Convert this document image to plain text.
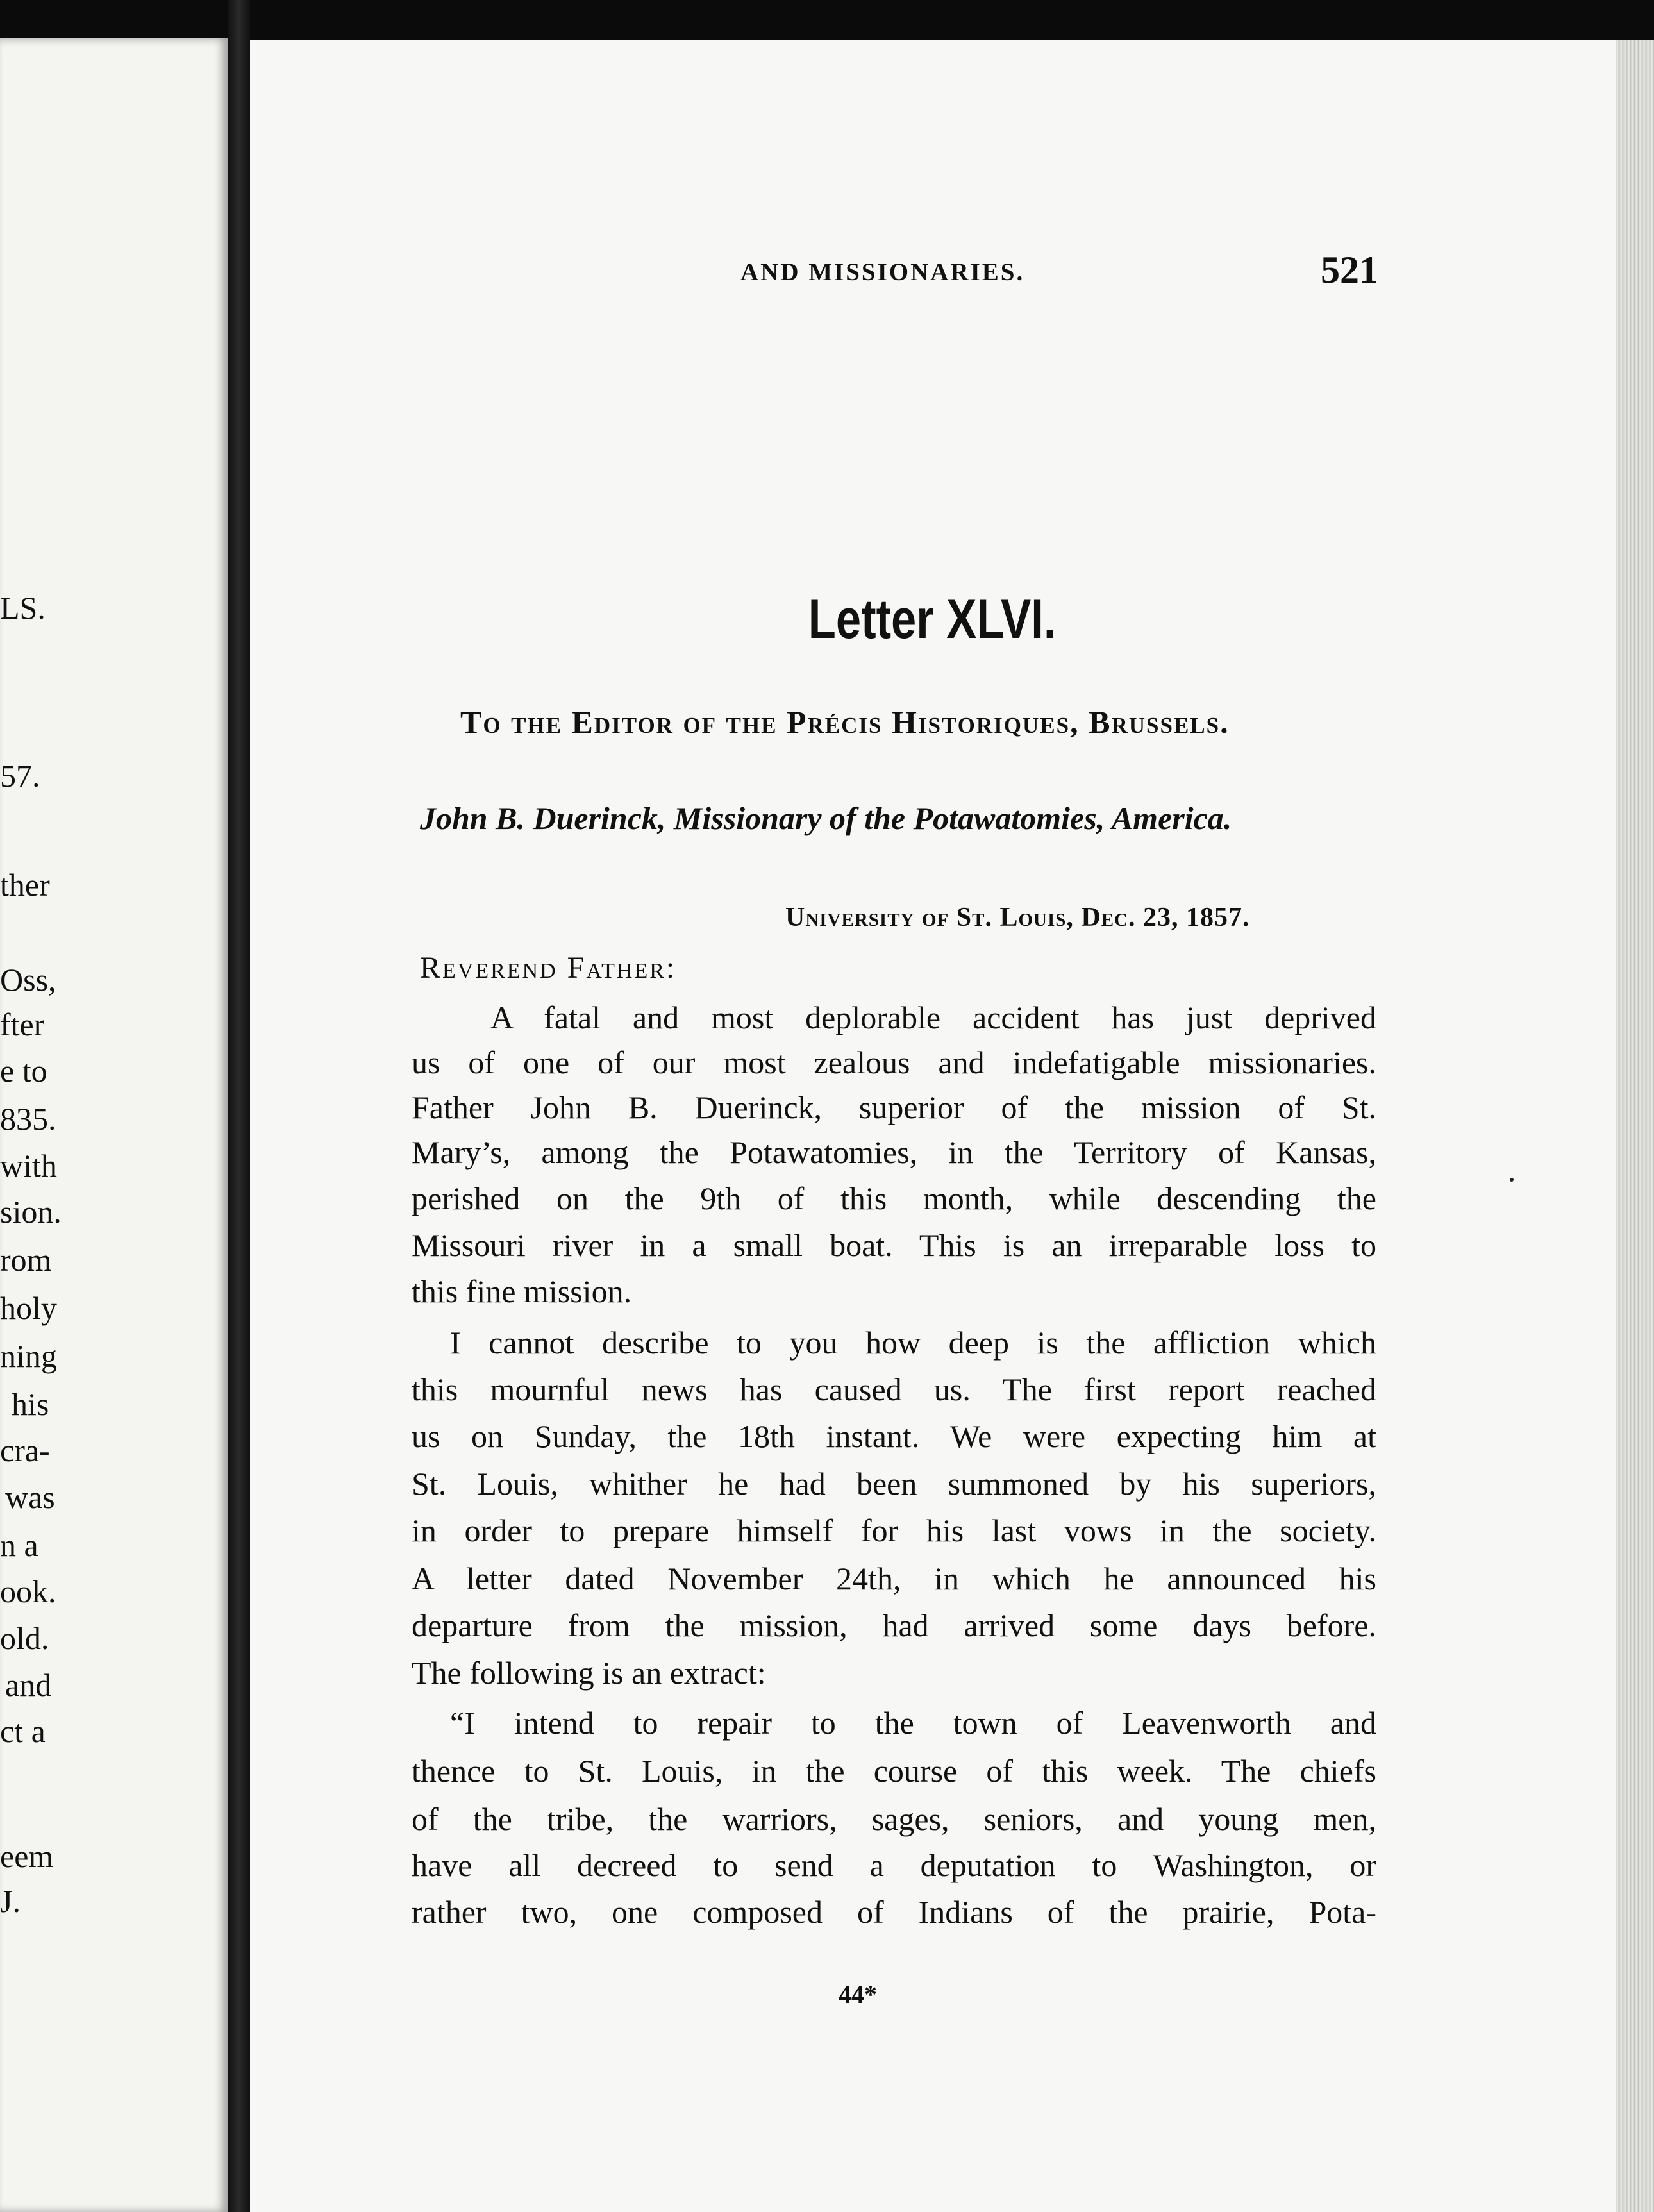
LS.
57.
ther
Oss,
fter
e to
835.
with
sion.
rom
holy
ning
his
cra-
was
n a
ook.
old.
and
ct a
eem
J.
AND MISSIONARIES.	521
Letter XLVI.
To the Editor of the Précis Historiques, Brussels.
John B. Duerinck, Missionary of the Potawatomies, America.
University of St. Louis, Dec. 23, 1857.
Reverend Father:
A fatal and most deplorable accident has just deprived
us of one of our most zealous and indefatigable missionaries.
Father John B. Duerinck, superior of the mission of St.
Mary’s, among the Potawatomies, in the Territory of Kansas,
perished on the 9th of this month, while descending the
Missouri river in a small boat. This is an irreparable loss to
this fine mission.
I cannot describe to you how deep is the affliction which
this mournful news has caused us. The first report reached
us on Sunday, the 18th instant. We were expecting him at
St. Louis, whither he had been summoned by his superiors,
in order to prepare himself for his last vows in the society.
A letter dated November 24th, in which he announced his
departure from the mission, had arrived some days before.
The following is an extract:
“I intend to repair to the town of Leavenworth and
thence to St. Louis, in the course of this week. The chiefs
of the tribe, the warriors, sages, seniors, and young men,
have all decreed to send a deputation to Washington, or
rather two, one composed of Indians of the prairie, Pota-
44*
